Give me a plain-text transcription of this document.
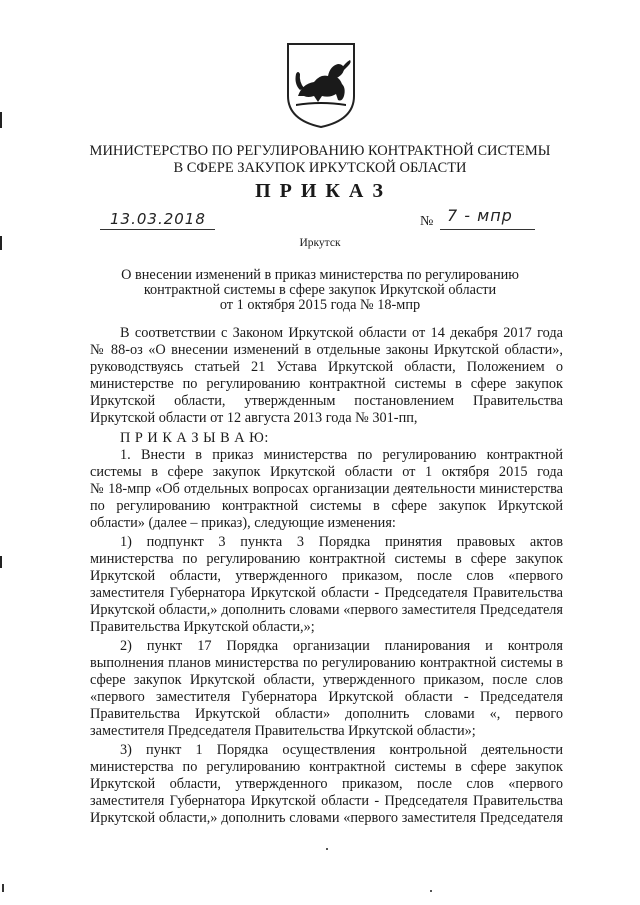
МИНИСТЕРСТВО ПО РЕГУЛИРОВАНИЮ КОНТРАКТНОЙ СИСТЕМЫ
В СФЕРЕ ЗАКУПОК ИРКУТСКОЙ ОБЛАСТИ
П Р И К А З
13.03.2018	№ 7 - мпр
Иркутск
О внесении изменений в приказ министерства по регулированию
контрактной системы в сфере закупок Иркутской области
от 1 октября 2015 года № 18-мпр
В соответствии с Законом Иркутской области от 14 декабря 2017 года
№ 88-оз «О внесении изменений в отдельные законы Иркутской области»,
руководствуясь статьей 21 Устава Иркутской области, Положением о
министерстве по регулированию контрактной системы в сфере закупок
Иркутской области, утвержденным постановлением Правительства
Иркутской области от 12 августа 2013 года № 301-пп,
П Р И К А З Ы В А Ю:
1. Внести в приказ министерства по регулированию контрактной
системы в сфере закупок Иркутской области от 1 октября 2015 года
№ 18-мпр «Об отдельных вопросах организации деятельности министерства
по регулированию контрактной системы в сфере закупок Иркутской
области» (далее – приказ), следующие изменения:
1) подпункт 3 пункта 3 Порядка принятия правовых актов
министерства по регулированию контрактной системы в сфере закупок
Иркутской области, утвержденного приказом, после слов «первого
заместителя Губернатора Иркутской области - Председателя Правительства
Иркутской области,» дополнить словами «первого заместителя Председателя
Правительства Иркутской области,»;
2) пункт 17 Порядка организации планирования и контроля
выполнения планов министерства по регулированию контрактной системы в
сфере закупок Иркутской области, утвержденного приказом, после слов
«первого заместителя Губернатора Иркутской области - Председателя
Правительства Иркутской области» дополнить словами «, первого
заместителя Председателя Правительства Иркутской области»;
3) пункт 1 Порядка осуществления контрольной деятельности
министерства по регулированию контрактной системы в сфере закупок
Иркутской области, утвержденного приказом, после слов «первого
заместителя Губернатора Иркутской области - Председателя Правительства
Иркутской области,» дополнить словами «первого заместителя Председателя
